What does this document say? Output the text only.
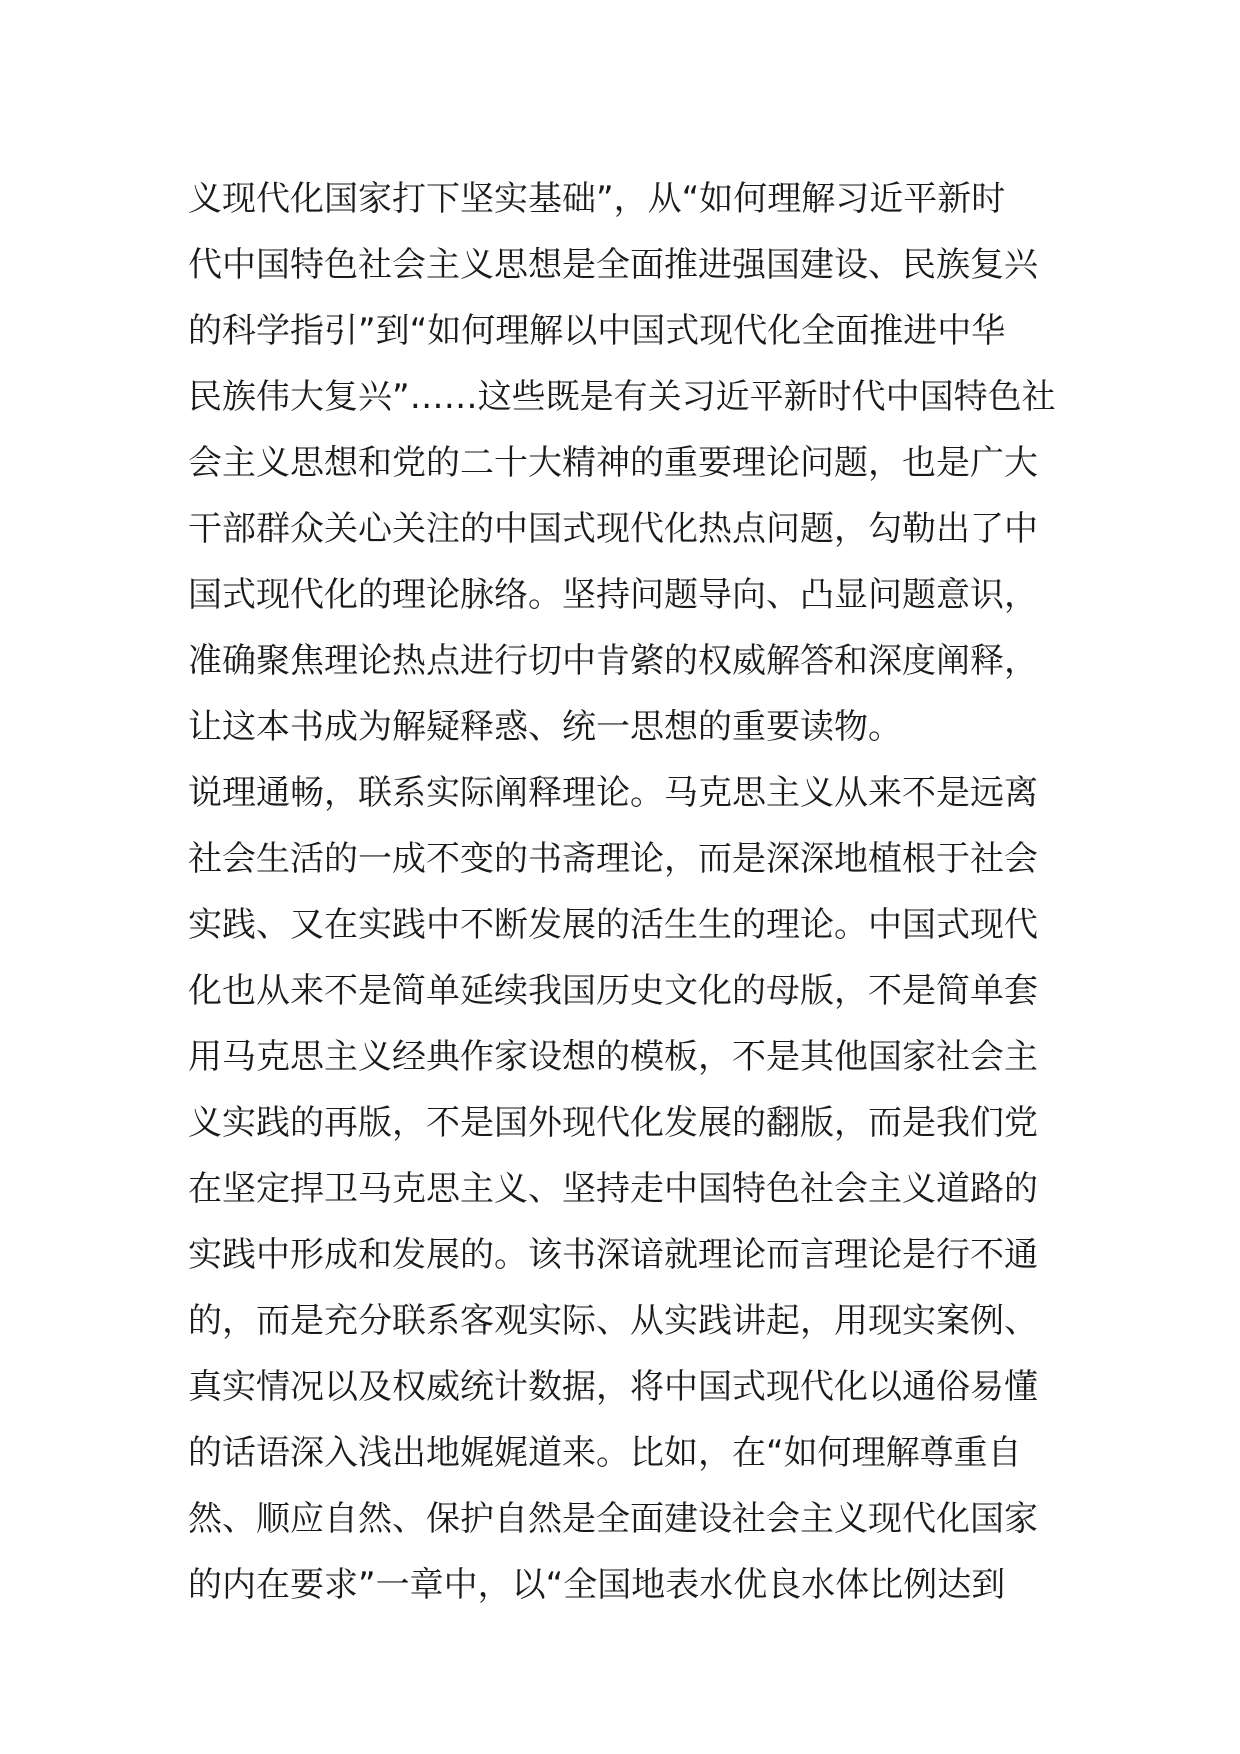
义现代化国家打下坚实基础”，从“如何理解习近平新时
代中国特色社会主义思想是全面推进强国建设、民族复兴
的科学指引”到“如何理解以中国式现代化全面推进中华
民族伟大复兴”……这些既是有关习近平新时代中国特色社
会主义思想和党的二十大精神的重要理论问题，也是广大
干部群众关心关注的中国式现代化热点问题，勾勒出了中
国式现代化的理论脉络。坚持问题导向、凸显问题意识，
准确聚焦理论热点进行切中肯綮的权威解答和深度阐释，
让这本书成为解疑释惑、统一思想的重要读物。
说理通畅，联系实际阐释理论。马克思主义从来不是远离
社会生活的一成不变的书斋理论，而是深深地植根于社会
实践、又在实践中不断发展的活生生的理论。中国式现代
化也从来不是简单延续我国历史文化的母版，不是简单套
用马克思主义经典作家设想的模板，不是其他国家社会主
义实践的再版，不是国外现代化发展的翻版，而是我们党
在坚定捍卫马克思主义、坚持走中国特色社会主义道路的
实践中形成和发展的。该书深谙就理论而言理论是行不通
的，而是充分联系客观实际、从实践讲起，用现实案例、
真实情况以及权威统计数据，将中国式现代化以通俗易懂
的话语深入浅出地娓娓道来。比如，在“如何理解尊重自
然、顺应自然、保护自然是全面建设社会主义现代化国家
的内在要求”一章中，以“全国地表水优良水体比例达到
